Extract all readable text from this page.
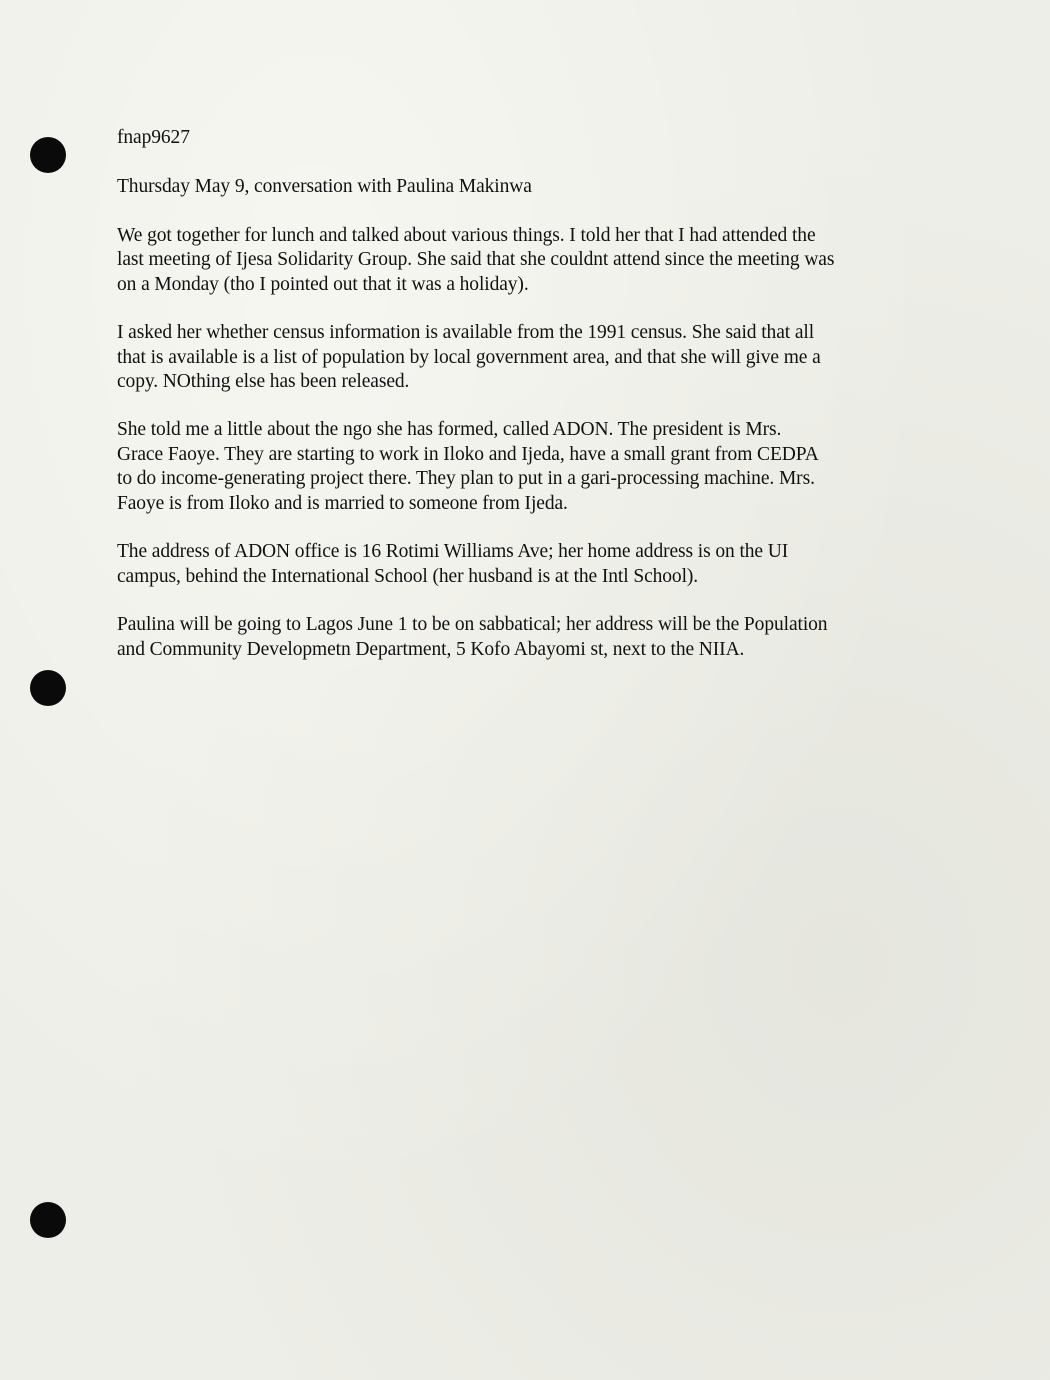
fnap9627
Thursday May 9, conversation with Paulina Makinwa
We got together for lunch and talked about various things. I told her that I had attended the
last meeting of Ijesa Solidarity Group. She said that she couldnt attend since the meeting was
on a Monday (tho I pointed out that it was a holiday).
I asked her whether census information is available from the 1991 census. She said that all
that is available is a list of population by local government area, and that she will give me a
copy. NOthing else has been released.
She told me a little about the ngo she has formed, called ADON. The president is Mrs.
Grace Faoye. They are starting to work in Iloko and Ijeda, have a small grant from CEDPA
to do income-generating project there. They plan to put in a gari-processing machine. Mrs.
Faoye is from Iloko and is married to someone from Ijeda.
The address of ADON office is 16 Rotimi Williams Ave; her home address is on the UI
campus, behind the International School (her husband is at the Intl School).
Paulina will be going to Lagos June 1 to be on sabbatical; her address will be the Population
and Community Developmetn Department, 5 Kofo Abayomi st, next to the NIIA.
